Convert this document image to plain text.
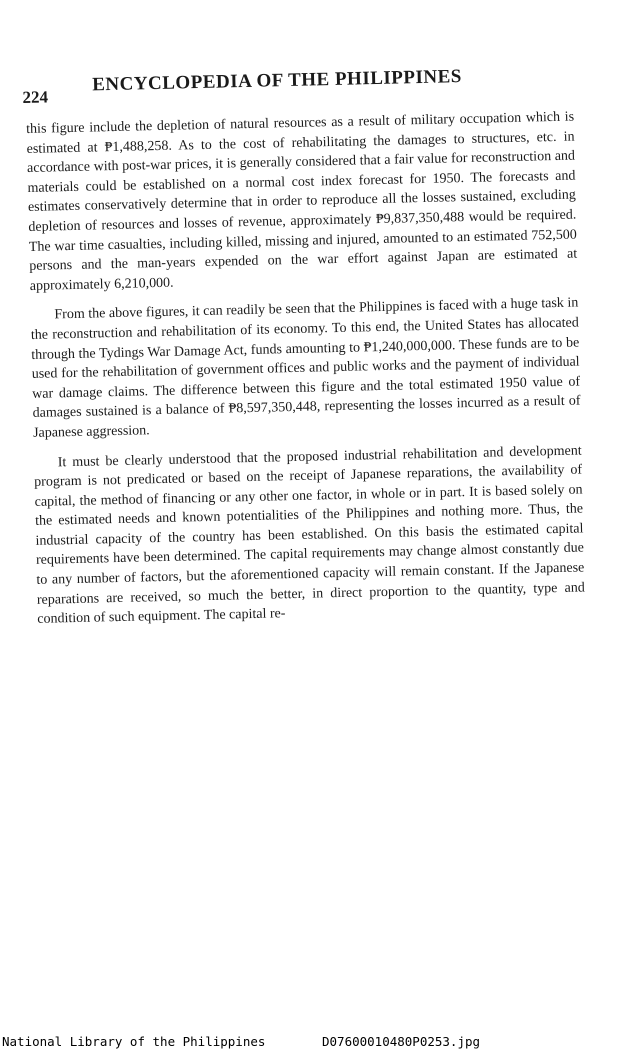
224
ENCYCLOPEDIA OF THE PHILIPPINES

this figure include the depletion of natural resources as a result of military occupation which is estimated at ₱1,488,258. As to the cost of rehabilitating the damages to structures, etc. in accordance with post-war prices, it is generally considered that a fair value for reconstruction and materials could be established on a normal cost index forecast for 1950. The forecasts and estimates conservatively determine that in order to reproduce all the losses sustained, excluding depletion of resources and losses of revenue, approximately ₱9,837,350,488 would be required. The war time casualties, including killed, missing and injured, amounted to an estimated 752,500 persons and the man-years expended on the war effort against Japan are estimated at approximately 6,210,000.

From the above figures, it can readily be seen that the Philippines is faced with a huge task in the reconstruction and rehabilitation of its economy. To this end, the United States has allocated through the Tydings War Damage Act, funds amounting to ₱1,240,000,000. These funds are to be used for the rehabilitation of government offices and public works and the payment of individual war damage claims. The difference between this figure and the total estimated 1950 value of damages sustained is a balance of ₱8,597,350,448, representing the losses incurred as a result of Japanese aggression.

It must be clearly understood that the proposed industrial rehabilitation and development program is not predicated or based on the receipt of Japanese reparations, the availability of capital, the method of financing or any other one factor, in whole or in part. It is based solely on the estimated needs and known potentialities of the Philippines and nothing more. Thus, the industrial capacity of the country has been established. On this basis the estimated capital requirements have been determined. The capital requirements may change almost constantly due to any number of factors, but the aforementioned capacity will remain constant. If the Japanese reparations are received, so much the better, in direct proportion to the quantity, type and condition of such equipment. The capital re-

National Library of the Philippines	D07600010480P0253.jpg
